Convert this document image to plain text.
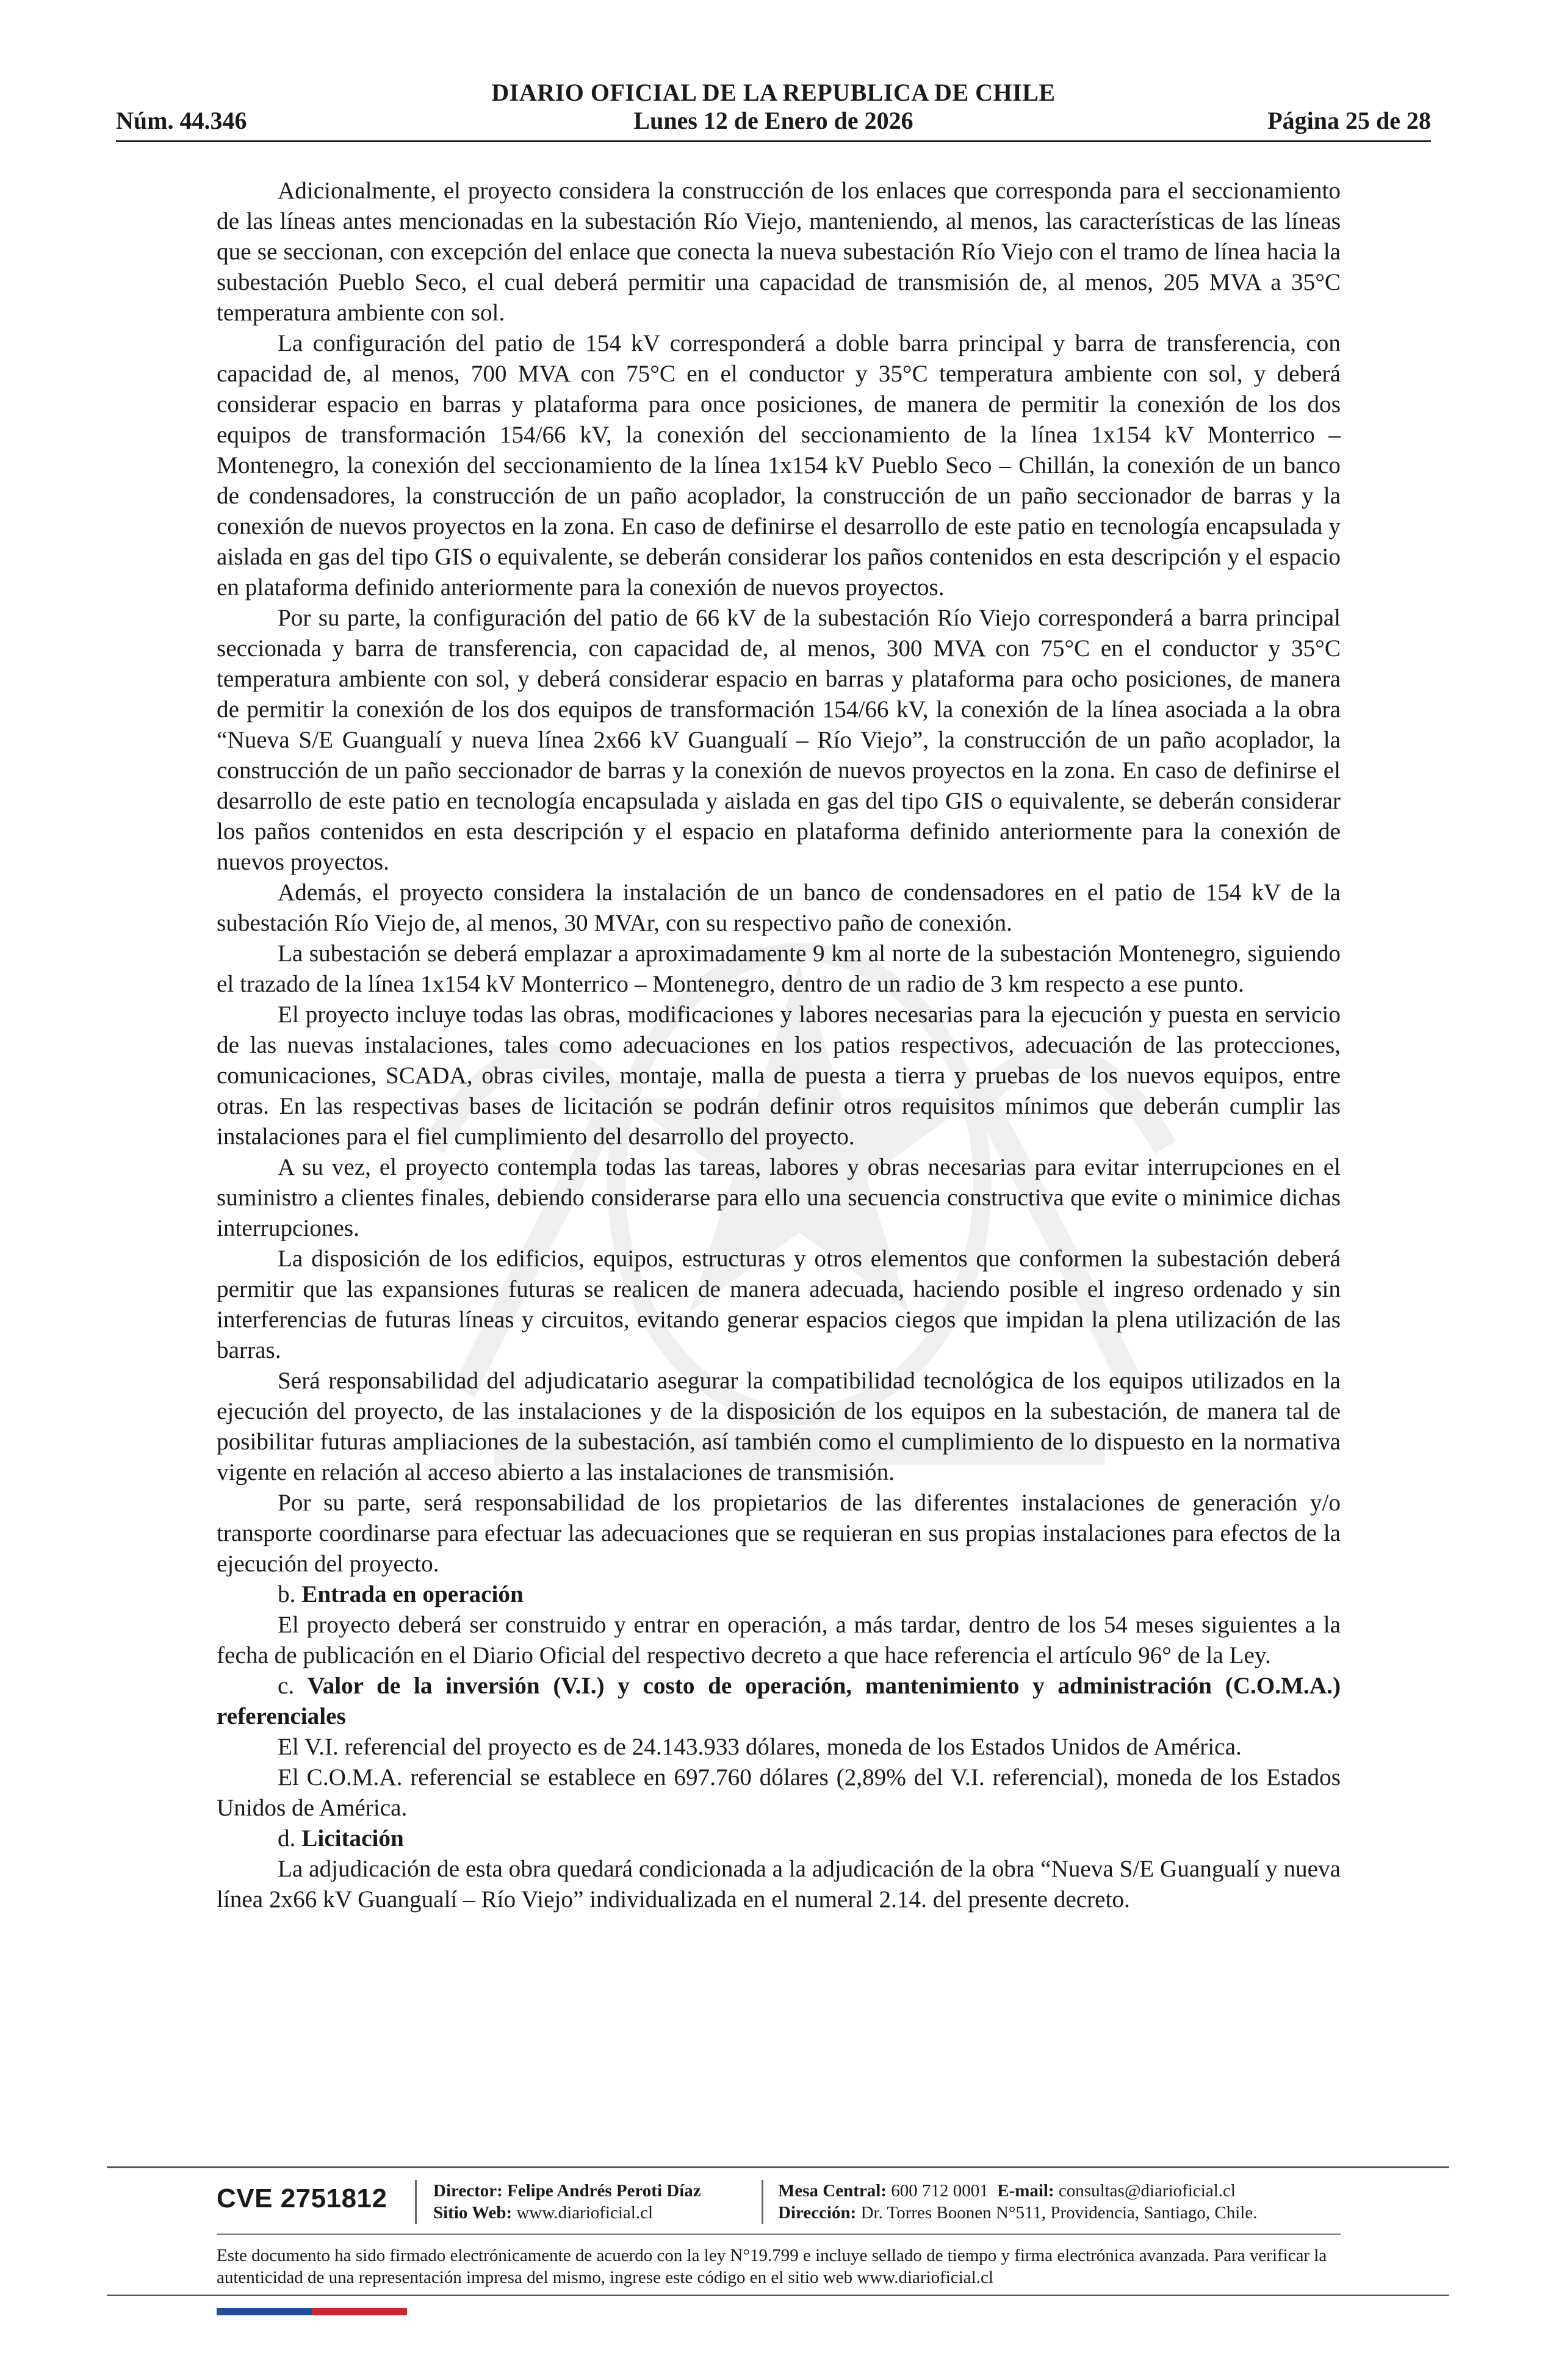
DIARIO OFICIAL DE LA REPUBLICA DE CHILE
Núm. 44.346	Lunes 12 de Enero de 2026	Página 25 de 28

Adicionalmente, el proyecto considera la construcción de los enlaces que corresponda para el seccionamiento de las líneas antes mencionadas en la subestación Río Viejo, manteniendo, al menos, las características de las líneas que se seccionan, con excepción del enlace que conecta la nueva subestación Río Viejo con el tramo de línea hacia la subestación Pueblo Seco, el cual deberá permitir una capacidad de transmisión de, al menos, 205 MVA a 35°C temperatura ambiente con sol.

La configuración del patio de 154 kV corresponderá a doble barra principal y barra de transferencia, con capacidad de, al menos, 700 MVA con 75°C en el conductor y 35°C temperatura ambiente con sol, y deberá considerar espacio en barras y plataforma para once posiciones, de manera de permitir la conexión de los dos equipos de transformación 154/66 kV, la conexión del seccionamiento de la línea 1x154 kV Monterrico – Montenegro, la conexión del seccionamiento de la línea 1x154 kV Pueblo Seco – Chillán, la conexión de un banco de condensadores, la construcción de un paño acoplador, la construcción de un paño seccionador de barras y la conexión de nuevos proyectos en la zona. En caso de definirse el desarrollo de este patio en tecnología encapsulada y aislada en gas del tipo GIS o equivalente, se deberán considerar los paños contenidos en esta descripción y el espacio en plataforma definido anteriormente para la conexión de nuevos proyectos.

Por su parte, la configuración del patio de 66 kV de la subestación Río Viejo corresponderá a barra principal seccionada y barra de transferencia, con capacidad de, al menos, 300 MVA con 75°C en el conductor y 35°C temperatura ambiente con sol, y deberá considerar espacio en barras y plataforma para ocho posiciones, de manera de permitir la conexión de los dos equipos de transformación 154/66 kV, la conexión de la línea asociada a la obra “Nueva S/E Guangualí y nueva línea 2x66 kV Guangualí – Río Viejo”, la construcción de un paño acoplador, la construcción de un paño seccionador de barras y la conexión de nuevos proyectos en la zona. En caso de definirse el desarrollo de este patio en tecnología encapsulada y aislada en gas del tipo GIS o equivalente, se deberán considerar los paños contenidos en esta descripción y el espacio en plataforma definido anteriormente para la conexión de nuevos proyectos.

Además, el proyecto considera la instalación de un banco de condensadores en el patio de 154 kV de la subestación Río Viejo de, al menos, 30 MVAr, con su respectivo paño de conexión.

La subestación se deberá emplazar a aproximadamente 9 km al norte de la subestación Montenegro, siguiendo el trazado de la línea 1x154 kV Monterrico – Montenegro, dentro de un radio de 3 km respecto a ese punto.

El proyecto incluye todas las obras, modificaciones y labores necesarias para la ejecución y puesta en servicio de las nuevas instalaciones, tales como adecuaciones en los patios respectivos, adecuación de las protecciones, comunicaciones, SCADA, obras civiles, montaje, malla de puesta a tierra y pruebas de los nuevos equipos, entre otras. En las respectivas bases de licitación se podrán definir otros requisitos mínimos que deberán cumplir las instalaciones para el fiel cumplimiento del desarrollo del proyecto.

A su vez, el proyecto contempla todas las tareas, labores y obras necesarias para evitar interrupciones en el suministro a clientes finales, debiendo considerarse para ello una secuencia constructiva que evite o minimice dichas interrupciones.

La disposición de los edificios, equipos, estructuras y otros elementos que conformen la subestación deberá permitir que las expansiones futuras se realicen de manera adecuada, haciendo posible el ingreso ordenado y sin interferencias de futuras líneas y circuitos, evitando generar espacios ciegos que impidan la plena utilización de las barras.

Será responsabilidad del adjudicatario asegurar la compatibilidad tecnológica de los equipos utilizados en la ejecución del proyecto, de las instalaciones y de la disposición de los equipos en la subestación, de manera tal de posibilitar futuras ampliaciones de la subestación, así también como el cumplimiento de lo dispuesto en la normativa vigente en relación al acceso abierto a las instalaciones de transmisión.

Por su parte, será responsabilidad de los propietarios de las diferentes instalaciones de generación y/o transporte coordinarse para efectuar las adecuaciones que se requieran en sus propias instalaciones para efectos de la ejecución del proyecto.

b. Entrada en operación

El proyecto deberá ser construido y entrar en operación, a más tardar, dentro de los 54 meses siguientes a la fecha de publicación en el Diario Oficial del respectivo decreto a que hace referencia el artículo 96° de la Ley.

c. Valor de la inversión (V.I.) y costo de operación, mantenimiento y administración (C.O.M.A.) referenciales

El V.I. referencial del proyecto es de 24.143.933 dólares, moneda de los Estados Unidos de América.

El C.O.M.A. referencial se establece en 697.760 dólares (2,89% del V.I. referencial), moneda de los Estados Unidos de América.

d. Licitación

La adjudicación de esta obra quedará condicionada a la adjudicación de la obra “Nueva S/E Guangualí y nueva línea 2x66 kV Guangualí – Río Viejo” individualizada en el numeral 2.14. del presente decreto.

CVE 2751812	Director: Felipe Andrés Peroti Díaz
Sitio Web: www.diarioficial.cl
Mesa Central: 600 712 0001 E-mail: consultas@diarioficial.cl
Dirección: Dr. Torres Boonen N°511, Providencia, Santiago, Chile.
Este documento ha sido firmado electrónicamente de acuerdo con la ley N°19.799 e incluye sellado de tiempo y firma electrónica avanzada. Para verificar la autenticidad de una representación impresa del mismo, ingrese este código en el sitio web www.diarioficial.cl
